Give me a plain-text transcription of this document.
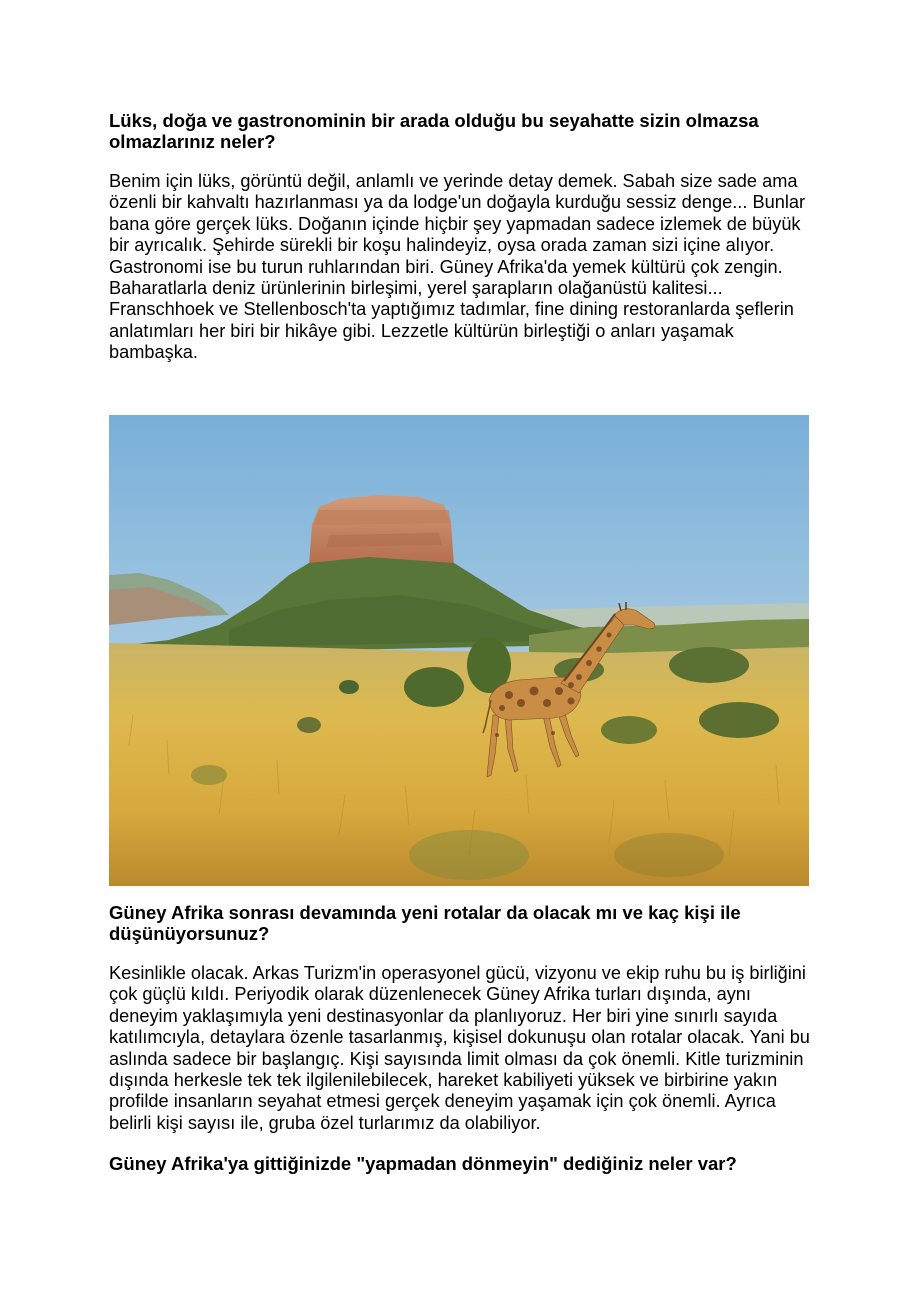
Lüks, doğa ve gastronominin bir arada olduğu bu seyahatte sizin olmazsa olmazlarınız neler?

Benim için lüks, görüntü değil, anlamlı ve yerinde detay demek. Sabah size sade ama özenli bir kahvaltı hazırlanması ya da lodge'un doğayla kurduğu sessiz denge... Bunlar bana göre gerçek lüks. Doğanın içinde hiçbir şey yapmadan sadece izlemek de büyük bir ayrıcalık. Şehirde sürekli bir koşu halindeyiz, oysa orada zaman sizi içine alıyor. Gastronomi ise bu turun ruhlarından biri. Güney Afrika'da yemek kültürü çok zengin. Baharatlarla deniz ürünlerinin birleşimi, yerel şarapların olağanüstü kalitesi... Franschhoek ve Stellenbosch'ta yaptığımız tadımlar, fine dining restoranlarda şeflerin anlatımları her biri bir hikâye gibi. Lezzetle kültürün birleştiği o anları yaşamak bambaşka.

Güney Afrika sonrası devamında yeni rotalar da olacak mı ve kaç kişi ile düşünüyorsunuz?

Kesinlikle olacak. Arkas Turizm'in operasyonel gücü, vizyonu ve ekip ruhu bu iş birliğini çok güçlü kıldı. Periyodik olarak düzenlenecek Güney Afrika turları dışında, aynı deneyim yaklaşımıyla yeni destinasyonlar da planlıyoruz. Her biri yine sınırlı sayıda katılımcıyla, detaylara özenle tasarlanmış, kişisel dokunuşu olan rotalar olacak. Yani bu aslında sadece bir başlangıç. Kişi sayısında limit olması da çok önemli. Kitle turizminin dışında herkesle tek tek ilgilenilebilecek, hareket kabiliyeti yüksek ve birbirine yakın profilde insanların seyahat etmesi gerçek deneyim yaşamak için çok önemli. Ayrıca belirli kişi sayısı ile, gruba özel turlarımız da olabiliyor.

Güney Afrika'ya gittiğinizde "yapmadan dönmeyin" dediğiniz neler var?
